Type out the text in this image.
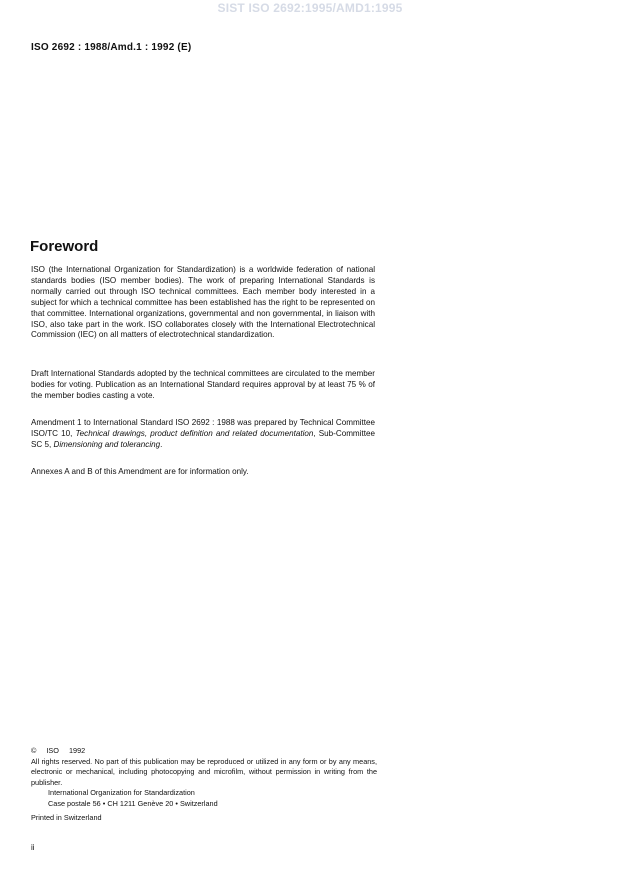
SIST ISO 2692:1995/AMD1:1995
ISO 2692 : 1988/Amd.1 : 1992 (E)
Foreword

ISO (the International Organization for Standardization) is a worldwide federation of national standards bodies (ISO member bodies). The work of preparing International Standards is normally carried out through ISO technical committees. Each member body interested in a subject for which a technical committee has been established has the right to be represented on that committee. International organizations, governmental and non governmental, in liaison with ISO, also take part in the work. ISO collaborates closely with the International Electrotechnical Commission (IEC) on all matters of electrotechnical standardization.

Draft International Standards adopted by the technical committees are circulated to the member bodies for voting. Publication as an International Standard requires approval by at least 75 % of the member bodies casting a vote.

Amendment 1 to International Standard ISO 2692 : 1988 was prepared by Technical Committee ISO/TC 10, Technical drawings, product definition and related documentation, Sub-Committee SC 5, Dimensioning and tolerancing.

Annexes A and B of this Amendment are for information only.

© ISO 1992
All rights reserved. No part of this publication may be reproduced or utilized in any form or by any means, electronic or mechanical, including photocopying and microfilm, without permission in writing from the publisher.
International Organization for Standardization
Case postale 56 • CH 1211 Genève 20 • Switzerland
Printed in Switzerland
ii
